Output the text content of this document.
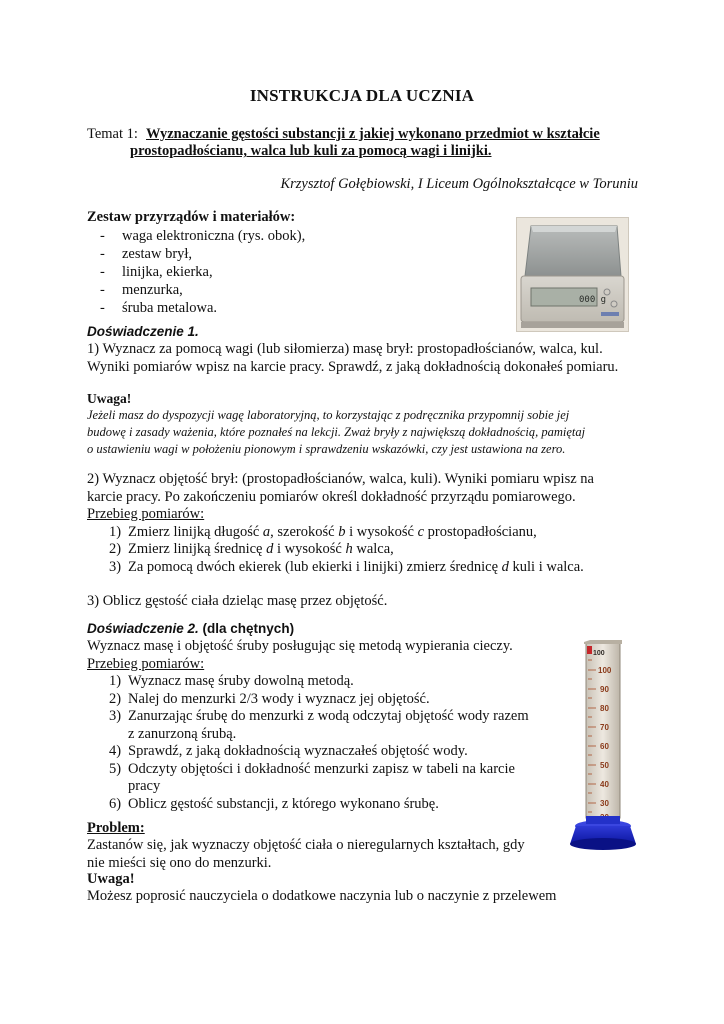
INSTRUKCJA DLA UCZNIA
Temat 1: Wyznaczanie gęstości substancji z jakiej wykonano przedmiot w kształcie
prostopadłościanu, walca lub kuli za pomocą wagi i linijki.
Krzysztof Gołębiowski, I Liceum Ogólnokształcące w Toruniu
Zestaw przyrządów i materiałów:
- waga elektroniczna (rys. obok),
- zestaw brył,
- linijka, ekierka,
- menzurka,
- śruba metalowa.	000 g
Doświadczenie 1.
1) Wyznacz za pomocą wagi (lub siłomierza) masę brył: prostopadłościanów, walca, kul.
Wyniki pomiarów wpisz na karcie pracy. Sprawdź, z jaką dokładnością dokonałeś pomiaru.
Uwaga!
Jeżeli masz do dyspozycji wagę laboratoryjną, to korzystając z podręcznika przypomnij sobie jej
budowę i zasady ważenia, które poznałeś na lekcji. Zważ bryły z największą dokładnością, pamiętaj
o ustawieniu wagi w położeniu pionowym i sprawdzeniu wskazówki, czy jest ustawiona na zero.
2) Wyznacz objętość brył: (prostopadłościanów, walca, kuli). Wyniki pomiaru wpisz na
karcie pracy. Po zakończeniu pomiarów określ dokładność przyrządu pomiarowego.
Przebieg pomiarów:
1) Zmierz linijką długość a, szerokość b i wysokość c prostopadłościanu,
2) Zmierz linijką średnicę d i wysokość h walca,
3) Za pomocą dwóch ekierek (lub ekierki i linijki) zmierz średnicę d kuli i walca.
3) Oblicz gęstość ciała dzieląc masę przez objętość.
Doświadczenie 2. (dla chętnych)
Wyznacz masę i objętość śruby posługując się metodą wypierania cieczy.
Przebieg pomiarów:
1) Wyznacz masę śruby dowolną metodą.
2) Nalej do menzurki 2/3 wody i wyznacz jej objętość.
3) Zanurzając śrubę do menzurki z wodą odczytaj objętość wody razem
z zanurzoną śrubą.
4) Sprawdź, z jaką dokładnością wyznaczałeś objętość wody.
5) Odczyty objętości i dokładność menzurki zapisz w tabeli na karcie
pracy
6) Oblicz gęstość substancji, z którego wykonano śrubę.
100
100
90
80
70
60
50
40
30
Problem:
Zastanów się, jak wyznaczy objętość ciała o nieregularnych kształtach, gdy
nie mieści się ono do menzurki.
Uwaga!
Możesz poprosić nauczyciela o dodatkowe naczynia lub o naczynie z przelewem
